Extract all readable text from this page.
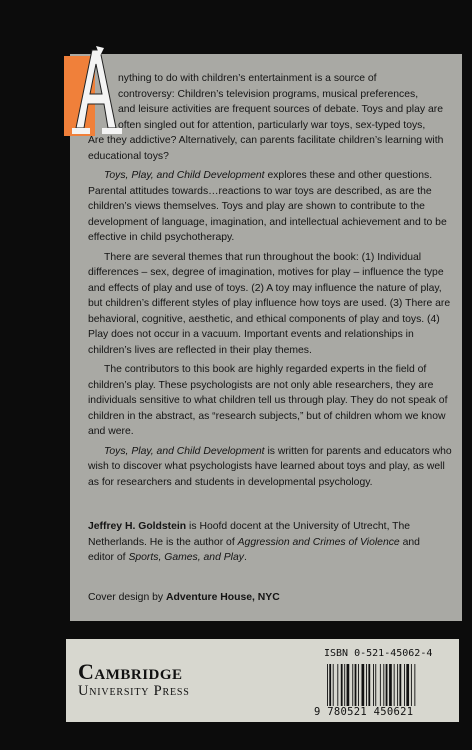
nything to do with children’s entertainment is a source of
controversy: Children’s television programs, musical preferences,
and leisure activities are frequent sources of debate. Toys and play are
often singled out for attention, particularly war toys, sex-typed toys,
Are they addictive? Alternatively, can parents facilitate children’s learning with educational toys?

Toys, Play, and Child Development explores these and other questions. Parental attitudes towards…reactions to war toys are described, as are the children’s views themselves. Toys and play are shown to contribute to the development of language, imagination, and intellectual achievement and to be effective in child psychotherapy.

There are several themes that run throughout the book: (1) Individual differences – sex, degree of imagination, motives for play – influence the type and effects of play and use of toys. (2) A toy may influence the nature of play, but children’s different styles of play influence how toys are used. (3) There are behavioral, cognitive, aesthetic, and ethical components of play and toys. (4) Play does not occur in a vacuum. Important events and relationships in children’s lives are reflected in their play themes.

The contributors to this book are highly regarded experts in the field of children’s play. These psychologists are not only able researchers, they are individuals sensitive to what children tell us through play. They do not speak of children in the abstract, as “research subjects,” but of children whom we know and were.

Toys, Play, and Child Development is written for parents and educators who wish to discover what psychologists have learned about toys and play, as well as for researchers and students in developmental psychology.

Jeffrey H. Goldstein is Hoofd docent at the University of Utrecht, The Netherlands. He is the author of Aggression and Crimes of Violence and editor of Sports, Games, and Play.
Cover design by Adventure House, NYC
Cambridge
University Press
ISBN 0-521-45062-4
9 780521 450621
